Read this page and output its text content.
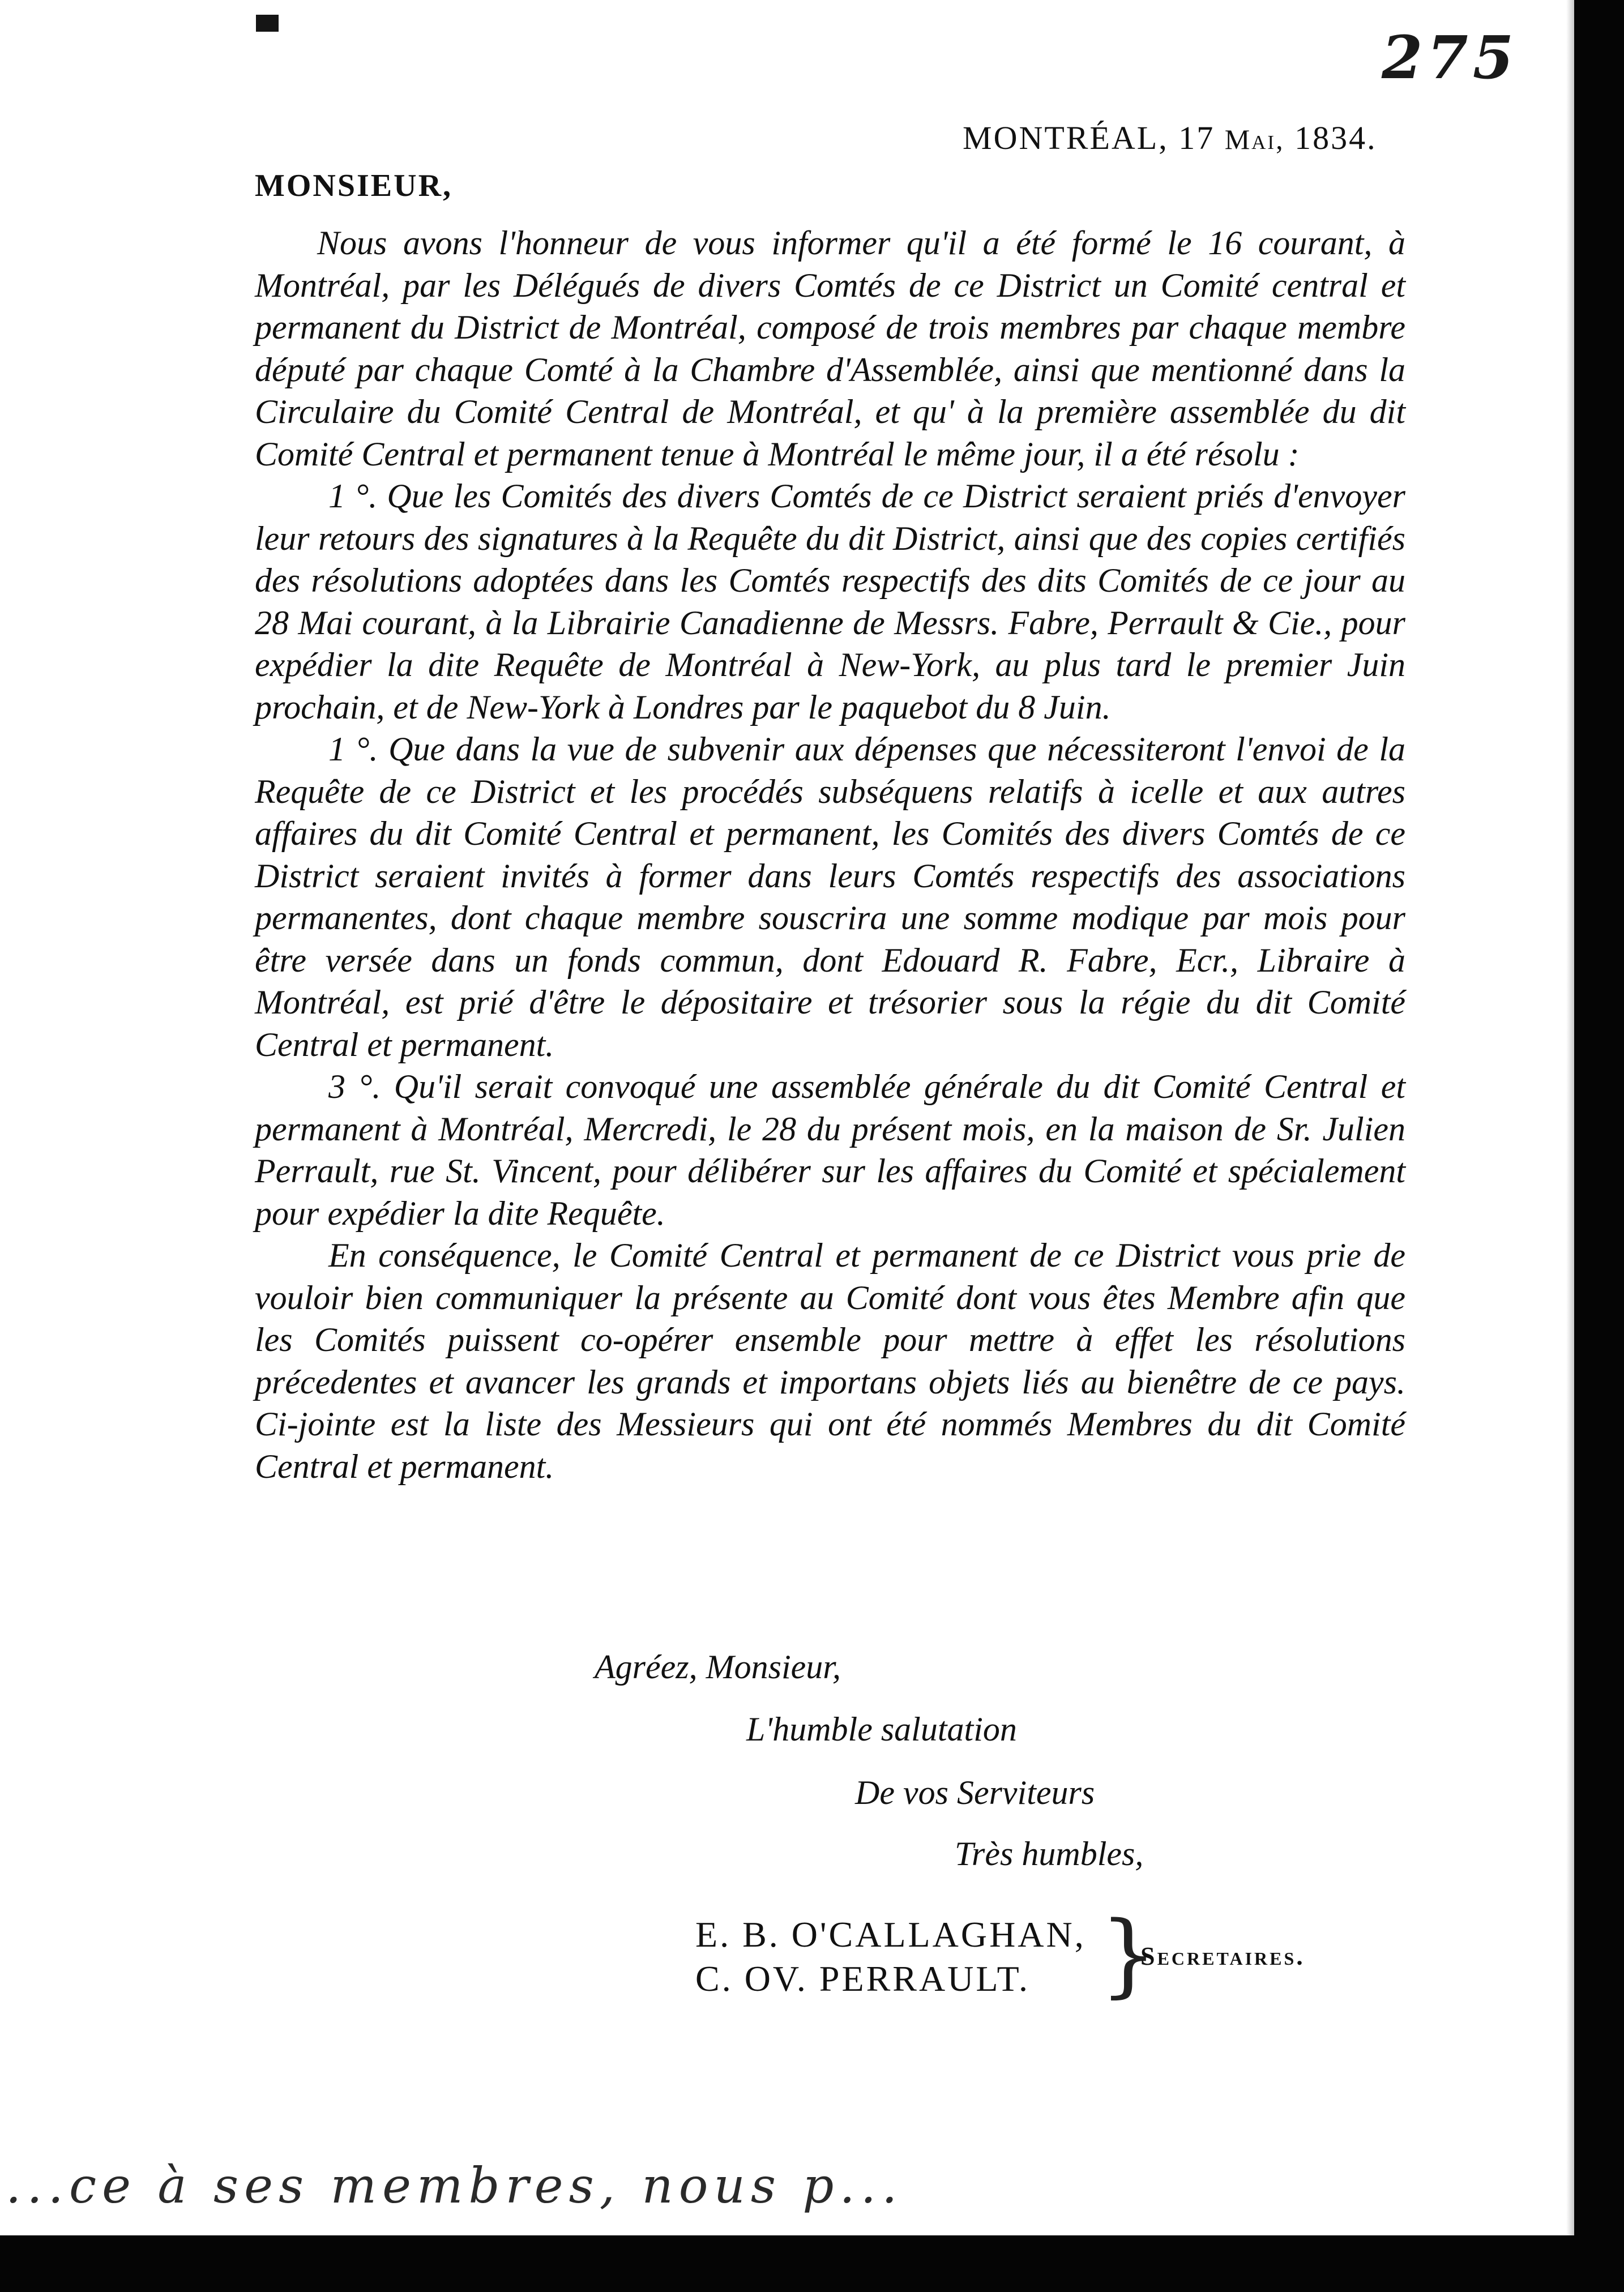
275
MONTRÉAL, 17 Mai, 1834.
MONSIEUR,

Nous avons l'honneur de vous informer qu'il a été formé le 16 courant, à Montréal, par les Délégués de divers Comtés de ce District un Comité central et permanent du District de Montréal, composé de trois membres par chaque membre député par chaque Comté à la Chambre d'Assemblée, ainsi que mentionné dans la Circulaire du Comité Central de Montréal, et qu' à la première assemblée du dit Comité Central et permanent tenue à Montréal le même jour, il a été résolu :

1 °. Que les Comités des divers Comtés de ce District seraient priés d'envoyer leur retours des signatures à la Requête du dit District, ainsi que des copies certifiés des résolutions adoptées dans les Comtés respectifs des dits Comités de ce jour au 28 Mai courant, à la Librairie Canadienne de Messrs. Fabre, Perrault & Cie., pour expédier la dite Requête de Montréal à New-York, au plus tard le premier Juin prochain, et de New-York à Londres par le paquebot du 8 Juin.

1 °. Que dans la vue de subvenir aux dépenses que nécessiteront l'envoi de la Requête de ce District et les procédés subséquens relatifs à icelle et aux autres affaires du dit Comité Central et permanent, les Comités des divers Comtés de ce District seraient invités à former dans leurs Comtés respectifs des associations permanentes, dont chaque membre souscrira une somme modique par mois pour être versée dans un fonds commun, dont Edouard R. Fabre, Ecr., Libraire à Montréal, est prié d'être le dépositaire et trésorier sous la régie du dit Comité Central et permanent.

3 °. Qu'il serait convoqué une assemblée générale du dit Comité Central et permanent à Montréal, Mercredi, le 28 du présent mois, en la maison de Sr. Julien Perrault, rue St. Vincent, pour délibérer sur les affaires du Comité et spécialement pour expédier la dite Requête.

En conséquence, le Comité Central et permanent de ce District vous prie de vouloir bien communiquer la présente au Comité dont vous êtes Membre afin que les Comités puissent co-opérer ensemble pour mettre à effet les résolutions précedentes et avancer les grands et importans objets liés au bienêtre de ce pays. Ci-jointe est la liste des Messieurs qui ont été nommés Membres du dit Comité Central et permanent.

Agréez, Monsieur,
L'humble salutation
De vos Serviteurs
Très humbles,
E. B. O'CALLAGHAN,
C. OV. PERRAULT. }
Secretaires.
...ce à ses membres, nous p...
